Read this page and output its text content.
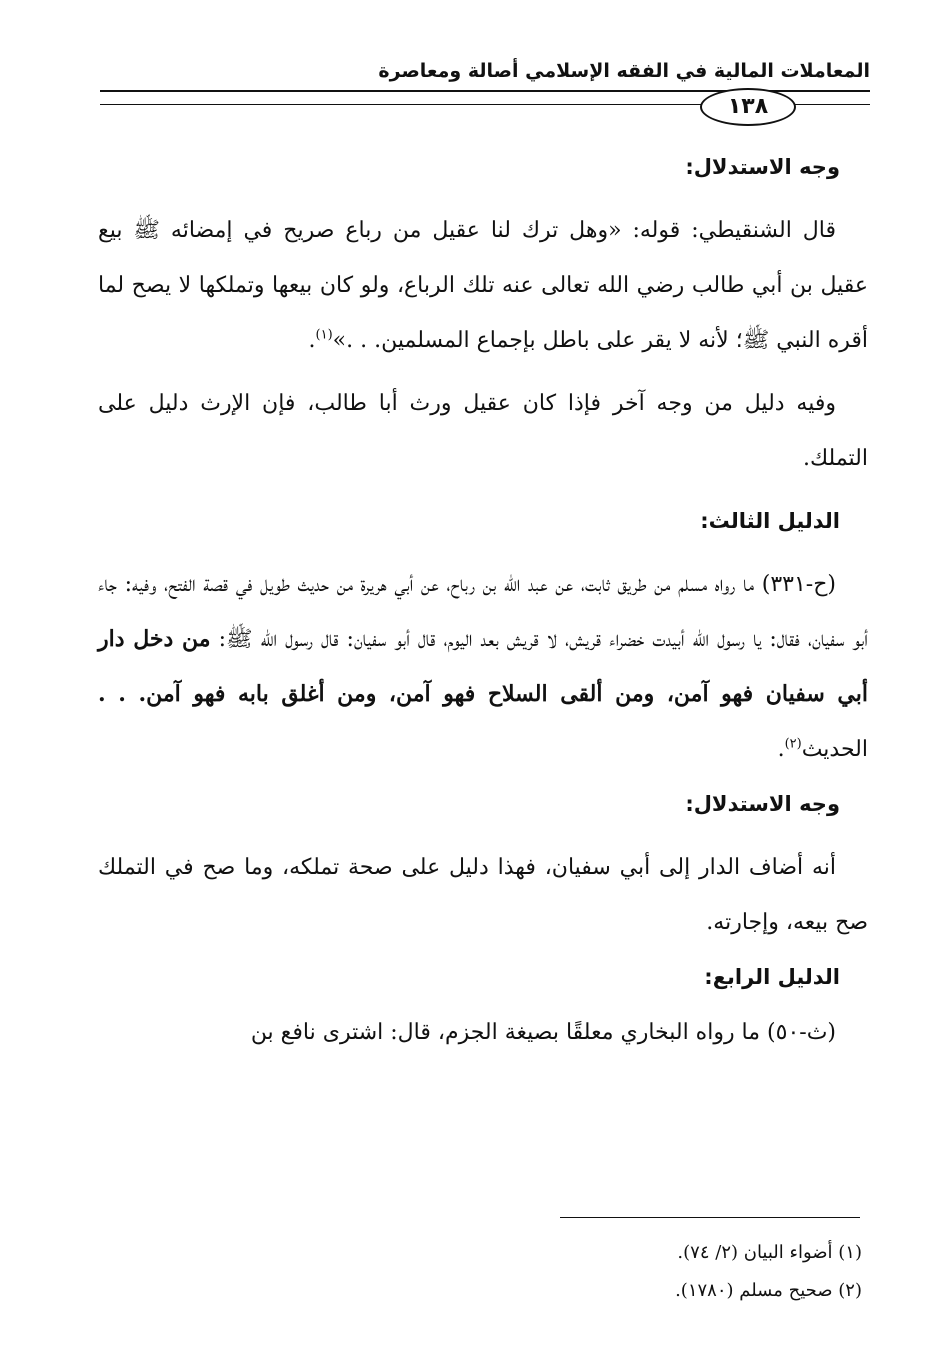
المعاملات المالية في الفقه الإسلامي أصالة ومعاصرة
١٣٨

وجه الاستدلال:

قال الشنقيطي: قوله: «وهل ترك لنا عقيل من رباع صريح في إمضائه ﷺ بيع عقيل بن أبي طالب رضي الله تعالى عنه تلك الرباع، ولو كان بيعها وتملكها لا يصح لما أقره النبي ﷺ؛ لأنه لا يقر على باطل بإجماع المسلمين. . .»$^{(١)}$.

وفيه دليل من وجه آخر فإذا كان عقيل ورث أبا طالب، فإن الإرث دليل على التملك.

الدليل الثالث:

(ح-٣٣١) ما رواه مسلم من طريق ثابت، عن عبد الله بن رباح، عن أبي هريرة من حديث طويل في قصة الفتح، وفيه: جاء أبو سفيان، فقال: يا رسول الله أبيدت خضراء قريش، لا قريش بعد اليوم، قال أبو سفيان: قال رسول الله ﷺ: من دخل دار أبي سفيان فهو آمن، ومن ألقى السلاح فهو آمن، ومن أغلق بابه فهو آمن. . . الحديث$^{(٢)}$.

وجه الاستدلال:

أنه أضاف الدار إلى أبي سفيان، فهذا دليل على صحة تملكه، وما صح في التملك صح بيعه، وإجارته.

الدليل الرابع:

(ث-٥٠) ما رواه البخاري معلقًا بصيغة الجزم، قال: اشترى نافع بن

(١) أضواء البيان (٢/ ٧٤).

(٢) صحيح مسلم (١٧٨٠).
